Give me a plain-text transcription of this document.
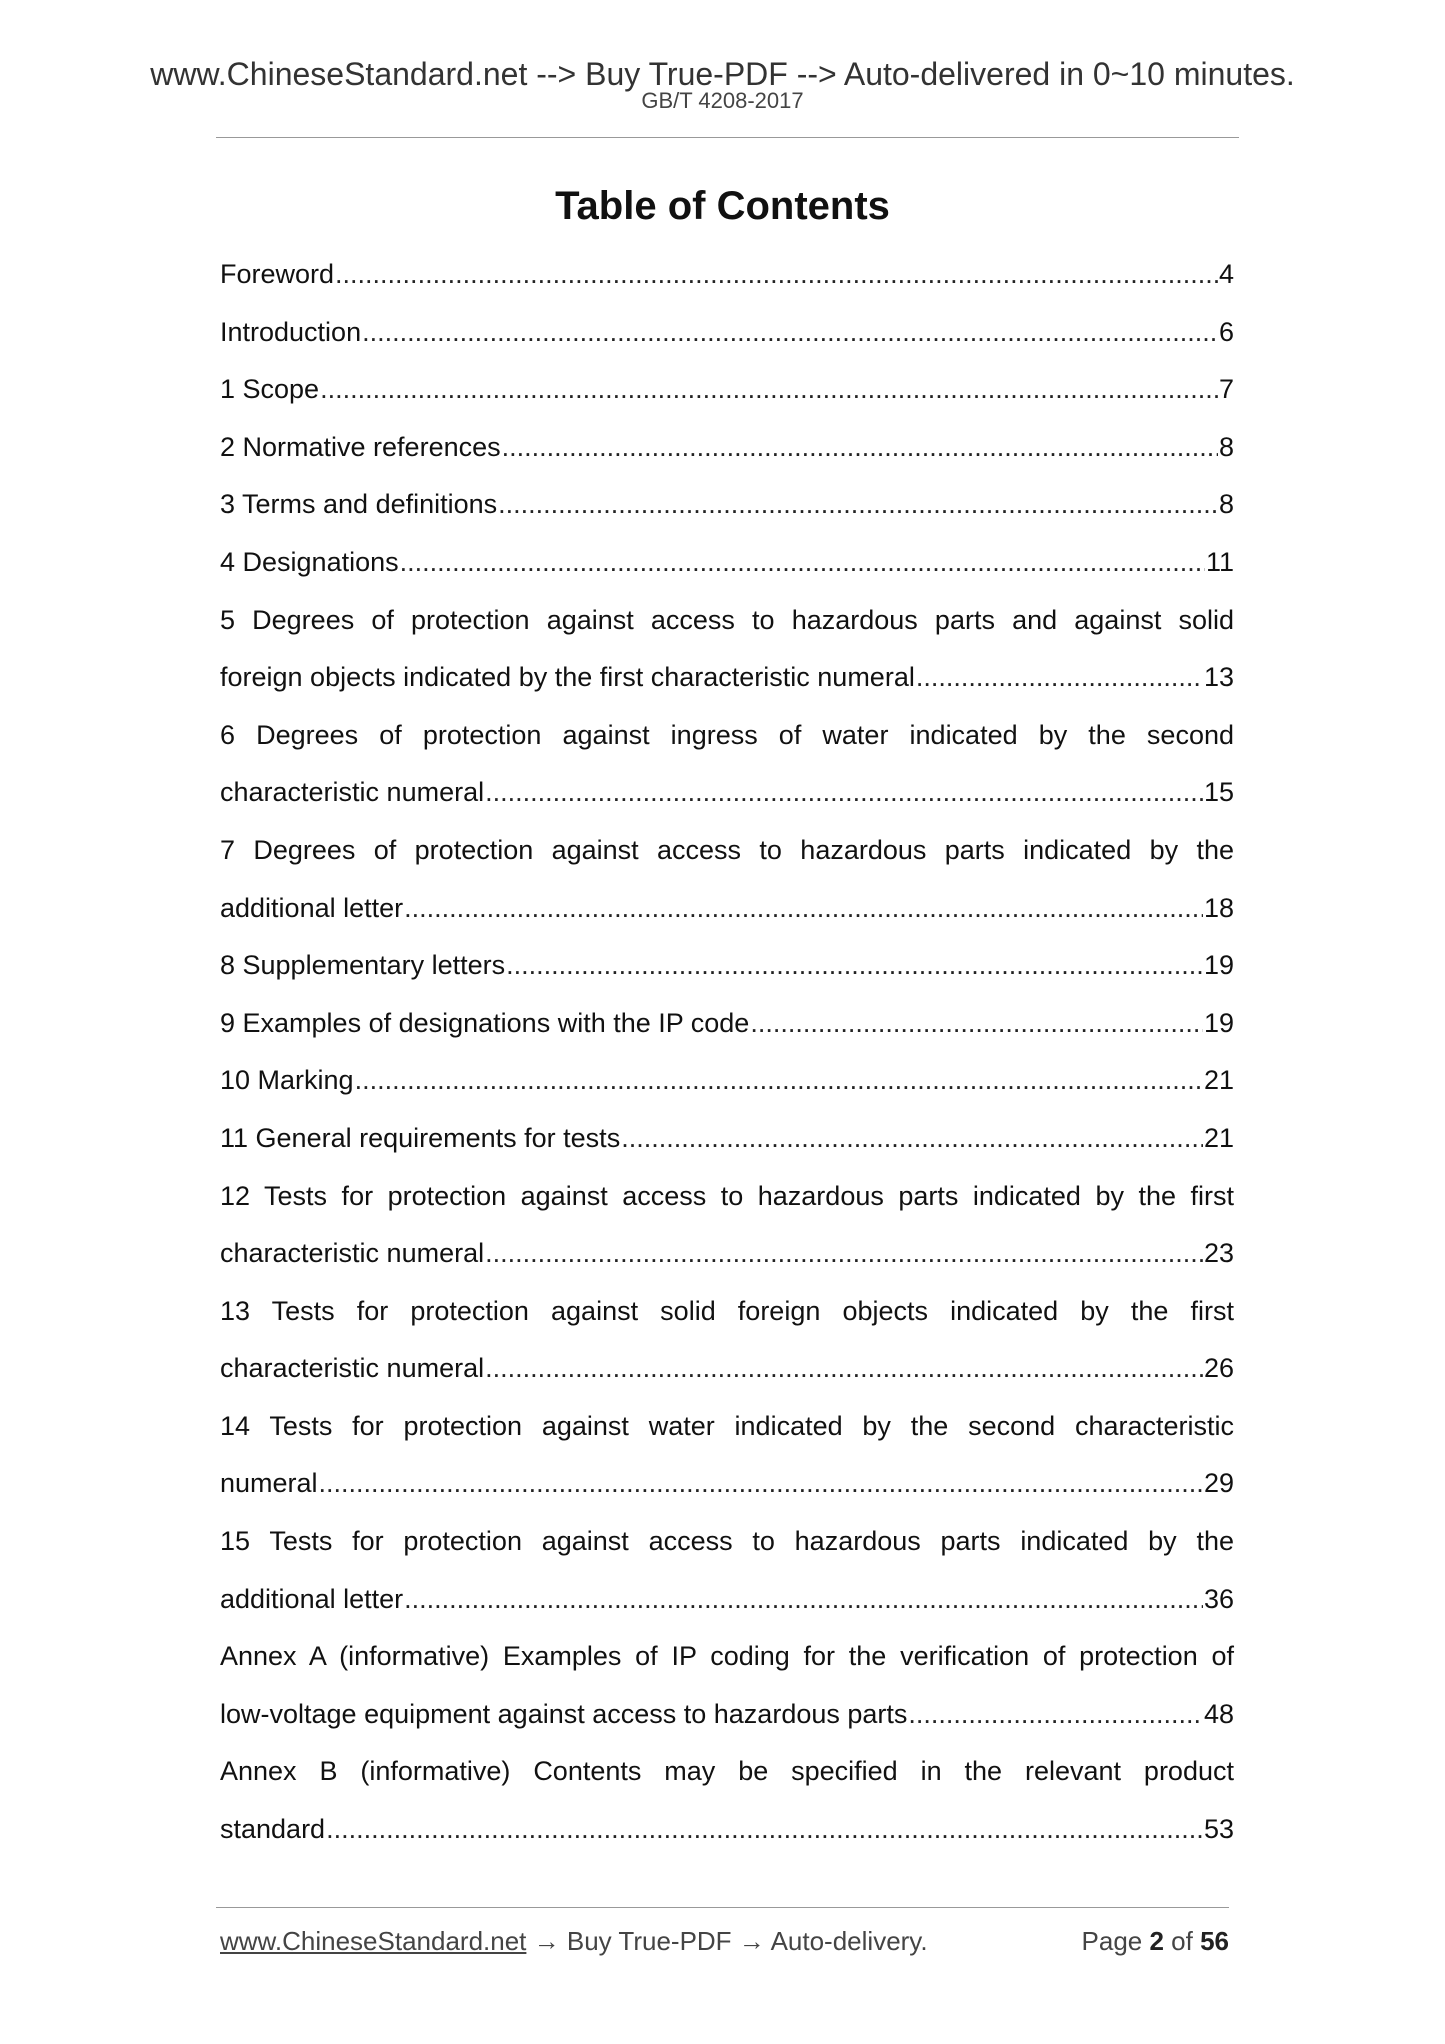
www.ChineseStandard.net --> Buy True-PDF --> Auto-delivered in 0~10 minutes.
GB/T 4208-2017
Table of Contents
Foreword .....	4
Introduction .....	6
1 Scope .....	7
2 Normative references .....	8
3 Terms and definitions .....	8
4 Designations .....	11
5 Degrees of protection against access to hazardous parts and against solid
foreign objects indicated by the first characteristic numeral .....	13
6 Degrees of protection against ingress of water indicated by the second
characteristic numeral .....	15
7 Degrees of protection against access to hazardous parts indicated by the
additional letter .....	18
8 Supplementary letters .....	19
9 Examples of designations with the IP code .....	19
10 Marking .....	21
11 General requirements for tests .....	21
12 Tests for protection against access to hazardous parts indicated by the first
characteristic numeral .....	23
13 Tests for protection against solid foreign objects indicated by the first
characteristic numeral .....	26
14 Tests for protection against water indicated by the second characteristic
numeral .....	29
15 Tests for protection against access to hazardous parts indicated by the
additional letter .....	36
Annex A (informative) Examples of IP coding for the verification of protection of
low-voltage equipment against access to hazardous parts .....	48
Annex B (informative) Contents may be specified in the relevant product
standard .....	53
www.ChineseStandard.net → Buy True-PDF → Auto-delivery.	Page 2 of 56
